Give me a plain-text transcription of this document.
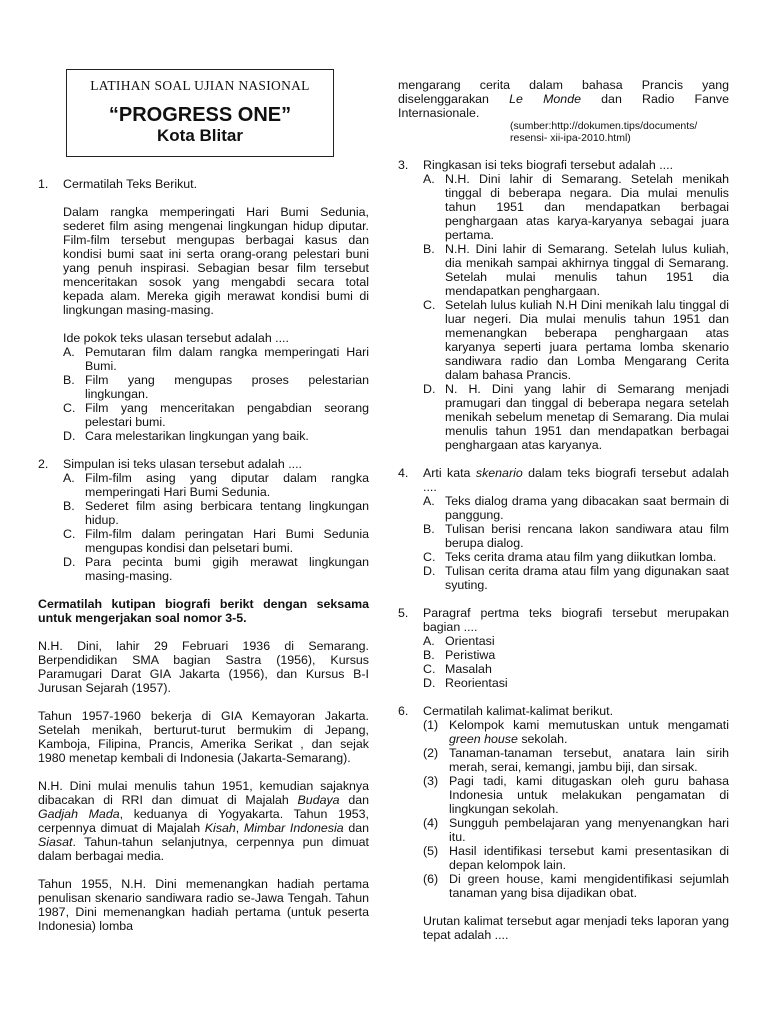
LATIHAN SOAL UJIAN NASIONAL
“PROGRESS ONE”
Kota Blitar
1.	Cermatilah Teks Berikut.

Dalam rangka memperingati Hari Bumi Sedunia, sederet film asing mengenai lingkungan hidup diputar. Film-film tersebut mengupas berbagai kasus dan kondisi bumi saat ini serta orang-orang pelestari buni yang penuh inspirasi. Sebagian besar film tersebut menceritakan sosok yang mengabdi secara total kepada alam. Mereka gigih merawat kondisi bumi di lingkungan masing-masing.

Ide pokok teks ulasan tersebut adalah ....

A. Pemutaran film dalam rangka memperingati Hari Bumi.
B. Film yang mengupas proses pelestarian lingkungan.
C. Film yang menceritakan pengabdian seorang pelestari bumi.
D. Cara melestarikan lingkungan yang baik.
2.	Simpulan isi teks ulasan tersebut adalah ....

A. Film-film asing yang diputar dalam rangka memperingati Hari Bumi Sedunia.
B. Sederet film asing berbicara tentang lingkungan hidup.
C. Film-film dalam peringatan Hari Bumi Sedunia mengupas kondisi dan pelsetari bumi.
D. Para pecinta bumi gigih merawat lingkungan masing-masing.

Cermatilah kutipan biografi berikt dengan seksama untuk mengerjakan soal nomor 3-5.

N.H. Dini, lahir 29 Februari 1936 di Semarang. Berpendidikan SMA bagian Sastra (1956), Kursus Paramugari Darat GIA Jakarta (1956), dan Kursus B-I Jurusan Sejarah (1957).

Tahun 1957-1960 bekerja di GIA Kemayoran Jakarta. Setelah menikah, berturut-turut bermukim di Jepang, Kamboja, Filipina, Prancis, Amerika Serikat , dan sejak 1980 menetap kembali di Indonesia (Jakarta-Semarang).

N.H. Dini mulai menulis tahun 1951, kemudian sajaknya dibacakan di RRI dan dimuat di Majalah Budaya dan Gadjah Mada, keduanya di Yogyakarta. Tahun 1953, cerpennya dimuat di Majalah Kisah, Mimbar Indonesia dan Siasat. Tahun-tahun selanjutnya, cerpennya pun dimuat dalam berbagai media.

Tahun 1955, N.H. Dini memenangkan hadiah pertama penulisan skenario sandiwara radio se-Jawa Tengah. Tahun 1987, Dini memenangkan hadiah pertama (untuk peserta Indonesia) lomba

mengarang cerita dalam bahasa Prancis yang diselenggarakan Le Monde dan Radio Fanve Internasionale.

(sumber:http://dokumen.tips/documents/ resensi- xii-ipa-2010.html)

3.	Ringkasan isi teks biografi tersebut adalah ....

A. N.H. Dini lahir di Semarang. Setelah menikah tinggal di beberapa negara. Dia mulai menulis tahun 1951 dan mendapatkan berbagai penghargaan atas karya-karyanya sebagai juara pertama.
B. N.H. Dini lahir di Semarang. Setelah lulus kuliah, dia menikah sampai akhirnya tinggal di Semarang. Setelah mulai menulis tahun 1951 dia mendapatkan penghargaan.
C. Setelah lulus kuliah N.H Dini menikah lalu tinggal di luar negeri. Dia mulai menulis tahun 1951 dan memenangkan beberapa penghargaan atas karyanya seperti juara pertama lomba skenario sandiwara radio dan Lomba Mengarang Cerita dalam bahasa Prancis.
D. N. H. Dini yang lahir di Semarang menjadi pramugari dan tinggal di beberapa negara setelah menikah sebelum menetap di Semarang. Dia mulai menulis tahun 1951 dan mendapatkan berbagai penghargaan atas karyanya.
4.	Arti kata skenario dalam teks biografi tersebut adalah ....

A. Teks dialog drama yang dibacakan saat bermain di panggung.
B. Tulisan berisi rencana lakon sandiwara atau film berupa dialog.
C. Teks cerita drama atau film yang diikutkan lomba.
D. Tulisan cerita drama atau film yang digunakan saat syuting.
5.	Paragraf pertma teks biografi tersebut merupakan bagian ....

A. Orientasi
B. Peristiwa
C. Masalah
D. Reorientasi
6.	Cermatilah kalimat-kalimat berikut.

(1) Kelompok kami memutuskan untuk mengamati green house sekolah.
(2) Tanaman-tanaman tersebut, anatara lain sirih merah, serai, kemangi, jambu biji, dan sirsak.
(3) Pagi tadi, kami ditugaskan oleh guru bahasa Indonesia untuk melakukan pengamatan di lingkungan sekolah.
(4) Sungguh pembelajaran yang menyenangkan hari itu.
(5) Hasil identifikasi tersebut kami presentasikan di depan kelompok lain.
(6) Di green house, kami mengidentifikasi sejumlah tanaman yang bisa dijadikan obat.

Urutan kalimat tersebut agar menjadi teks laporan yang tepat adalah ....
